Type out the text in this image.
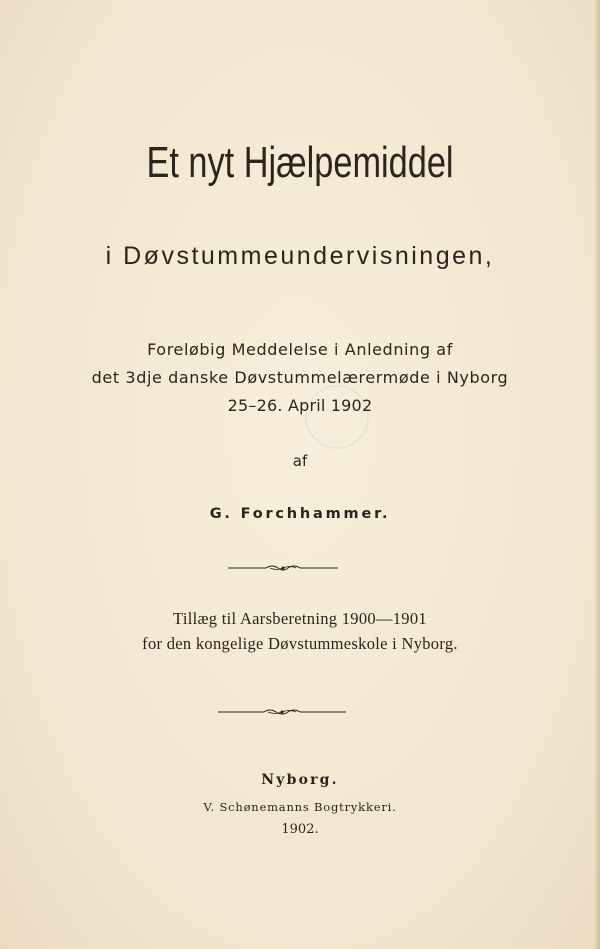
Et nyt Hjælpemiddel
i Døvstummeundervisningen,
Foreløbig Meddelelse i Anledning af
det 3dje danske Døvstummelærermøde i Nyborg
25–26. April 1902
af
G. Forchhammer.
Tillæg til Aarsberetning 1900—1901
for den kongelige Døvstummeskole i Nyborg.
Nyborg.
V. Schønemanns Bogtrykkeri.
1902.
